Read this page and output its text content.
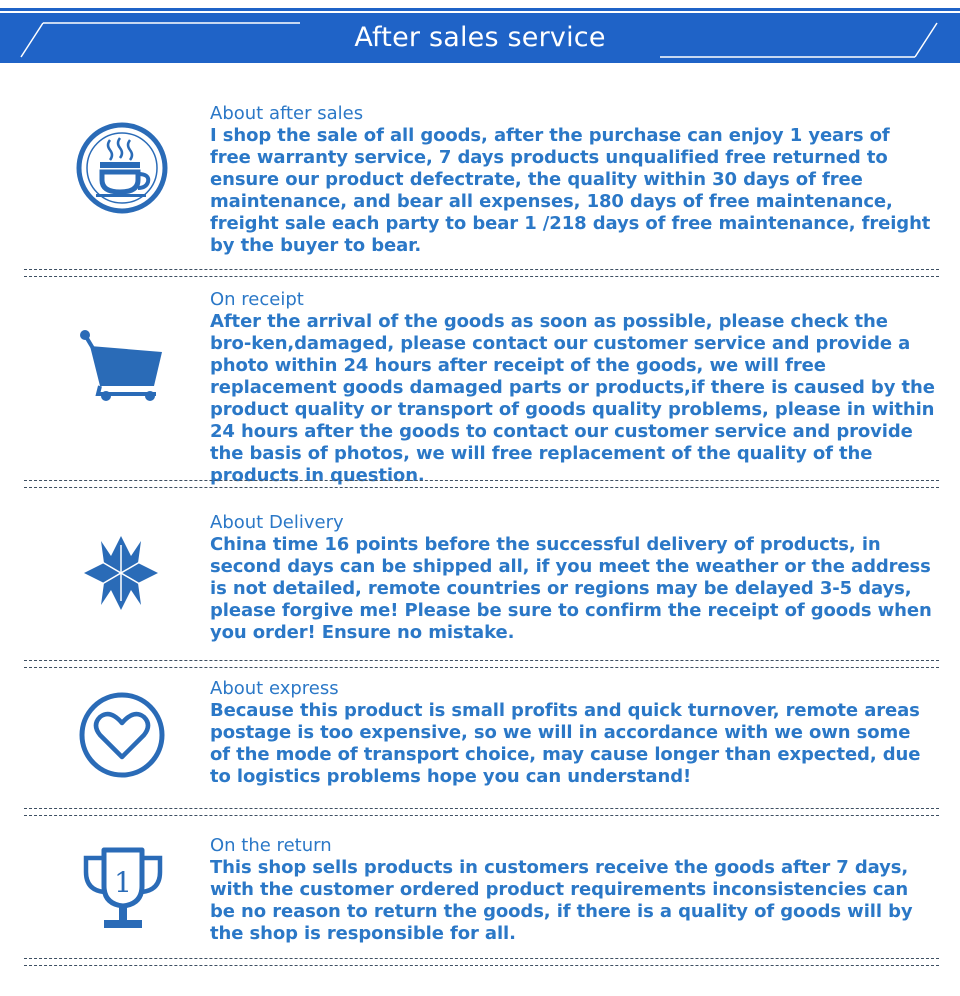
After sales service
About after sales
I shop the sale of all goods, after the purchase can enjoy 1 years of free warranty service, 7 days products unqualified free returned to ensure our product defectrate, the quality within 30 days of free maintenance, and bear all expenses, 180 days of free maintenance, freight sale each party to bear 1 /218 days of free maintenance, freight by the buyer to bear.
On receipt
After the arrival of the goods as soon as possible, please check the bro-ken,damaged, please contact our customer service and provide a photo within 24 hours after receipt of the goods, we will free replacement goods damaged parts or products,if there is caused by the product quality or transport of goods quality problems, please in within 24 hours after the goods to contact our customer service and provide the basis of photos, we will free replacement of the quality of the products in question.
About Delivery
China time 16 points before the successful delivery of products, in second days can be shipped all, if you meet the weather or the address is not detailed, remote countries or regions may be delayed 3-5 days, please forgive me! Please be sure to confirm the receipt of goods when you order! Ensure no mistake.
About express
Because this product is small profits and quick turnover, remote areas postage is too expensive, so we will in accordance with we own some of the mode of transport choice, may cause longer than expected, due to logistics problems hope you can understand!
1
On the return
This shop sells products in customers receive the goods after 7 days, with the customer ordered product requirements inconsistencies can be no reason to return the goods, if there is a quality of goods will by the shop is responsible for all.
